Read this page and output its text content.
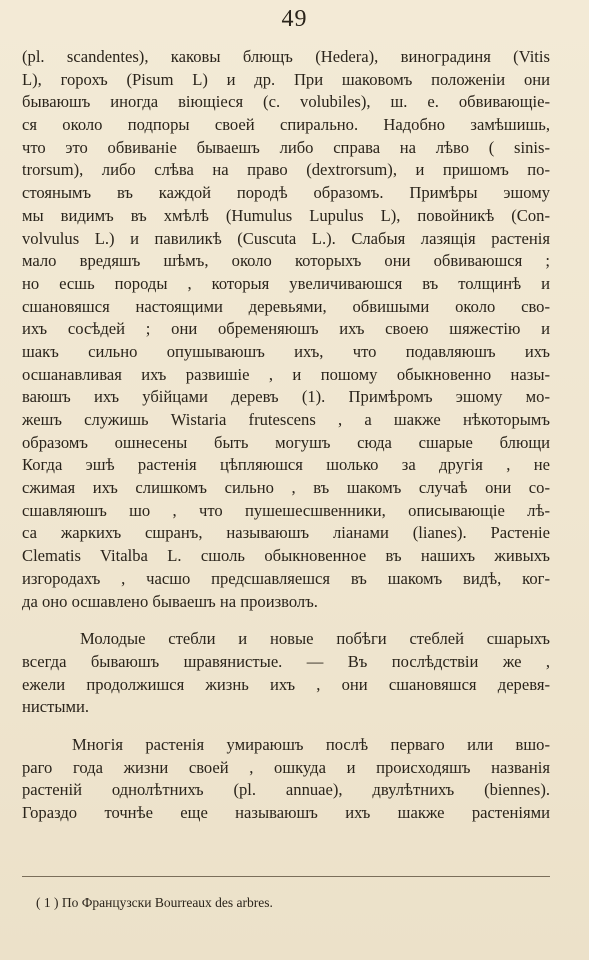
49
(pl. scandentes), каковы блющъ (Hedera), виноградиня (Vitis
L), горохъ (Pisum L) и др. При шаковомъ положенiи они
бываюшъ иногда вiющiеся (c. volubiles), ш. е. обвивающiе-
ся около подпоры своей спирально. Надобно замѣшишь,
что это обвиванiе бываешъ либо справа на лѣво ( sinis-
trorsum), либо слѣва на право (dextrorsum), и пришомъ по-
стоянымъ въ каждой породѣ образомъ. Примѣры эшому
мы видимъ въ хмѣлѣ (Humulus Lupulus L), повойникѣ (Con-
volvulus L.) и павиликѣ (Cuscuta L.). Слабыя лазящiя растенiя
мало вредяшъ шѣмъ, около которыхъ они обвиваюшся ;
но есшь породы , которыя увеличиваюшся въ толщинѣ и
сшановяшся настоящими деревьями, обвишыми около сво-
ихъ сосѣдей ; они обременяюшъ ихъ своею шяжестiю и
шакъ сильно опушываюшъ ихъ, что подавляюшъ ихъ
осшанавливая ихъ развишiе , и пошому обыкновенно назы-
ваюшъ ихъ убiйцами деревъ (1). Примѣромъ эшому мо-
жешъ служишь Wistaria frutescens , а шакже нѣкоторымъ
образомъ ошнесены быть могушъ сюда сшарые блющи
Когда эшѣ растенiя цѣпляюшся шолько за другiя , не
сжимая ихъ слишкомъ сильно , въ шакомъ случаѣ они со-
сшавляюшъ шо , что пушешесшвенники, описывающiе лѣ-
са жаркихъ сшранъ, называюшъ лiанами (lianes). Растенiе
Clematis Vitalba L. сшоль обыкновенное въ нашихъ живыхъ
изгородахъ , часшо предсшавляешся въ шакомъ видѣ, ког-
да оно осшавлено бываешъ на произволъ.
Молодые стебли и новые побѣги стеблей сшарыхъ
всегда бываюшъ шравянистые. — Въ послѣдствiи же ,
ежели продолжишся жизнь ихъ , они сшановяшся деревя-
нистыми.
Многiя растенiя умираюшъ послѣ перваго или вшо-
раго года жизни своей , ошкуда и происходяшъ названiя
растенiй однолѣтнихъ (pl. annuae), двулѣтнихъ (biennes).
Гораздо точнѣе еще называюшъ ихъ шакже растенiями
( 1 ) По Французски Bourreaux des arbres.
